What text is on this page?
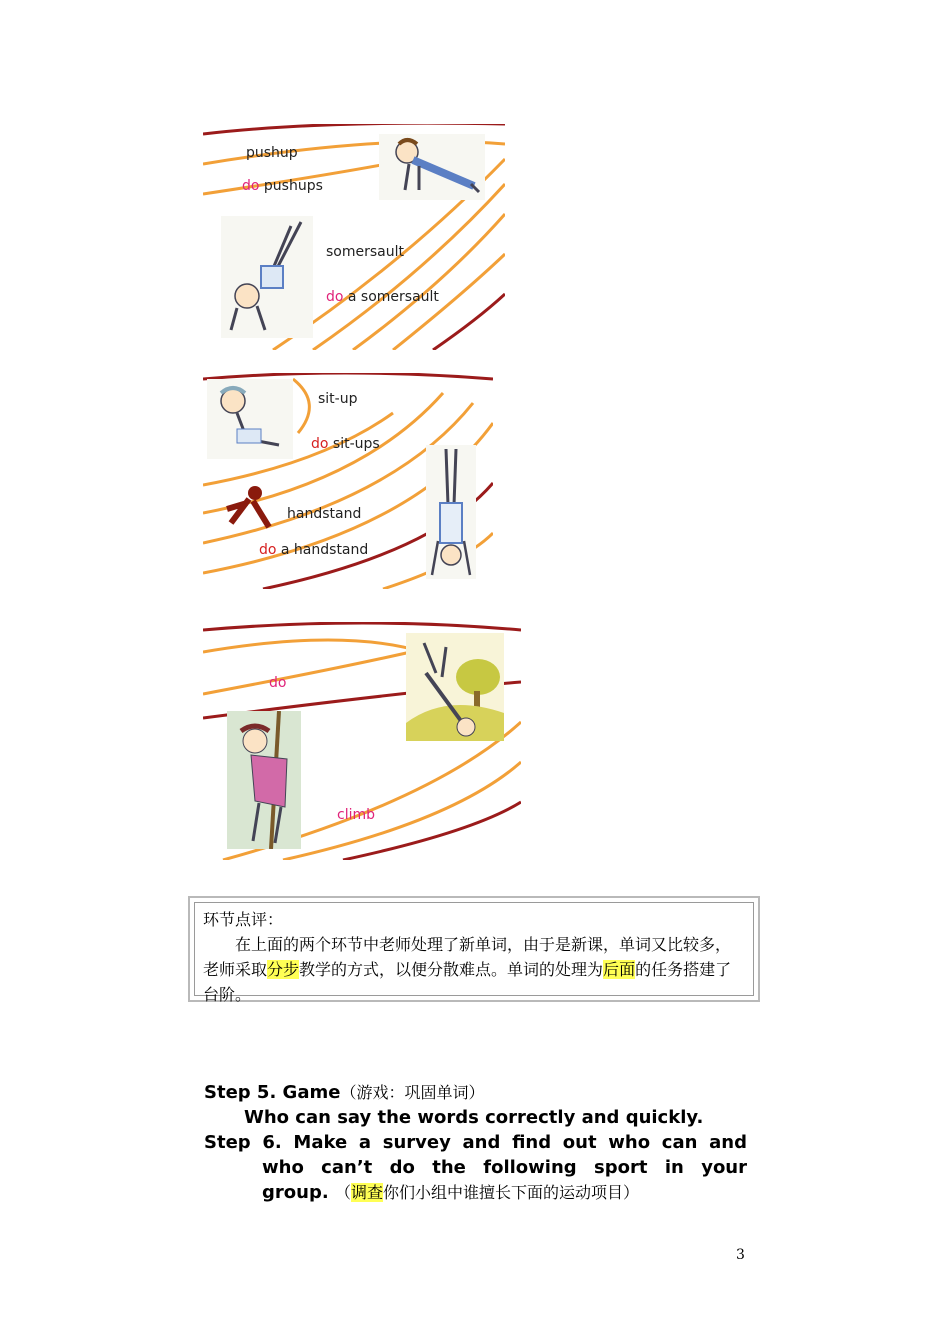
pushup
do pushups
somersault
do a somersault
sit-up
do sit-ups
handstand
do a handstand
do
climb
环节点评：
在上面的两个环节中老师处理了新单词，由于是新课，单词又比较多，老师采取分步教学的方式，以便分散难点。单词的处理为后面的任务搭建了台阶。
Step 5. Game（游戏：巩固单词）
Who can say the words correctly and quickly.
Step 6. Make a survey and find out who can and
who can’t do the following sport in your
group. （调查你们小组中谁擅长下面的运动项目）
3
